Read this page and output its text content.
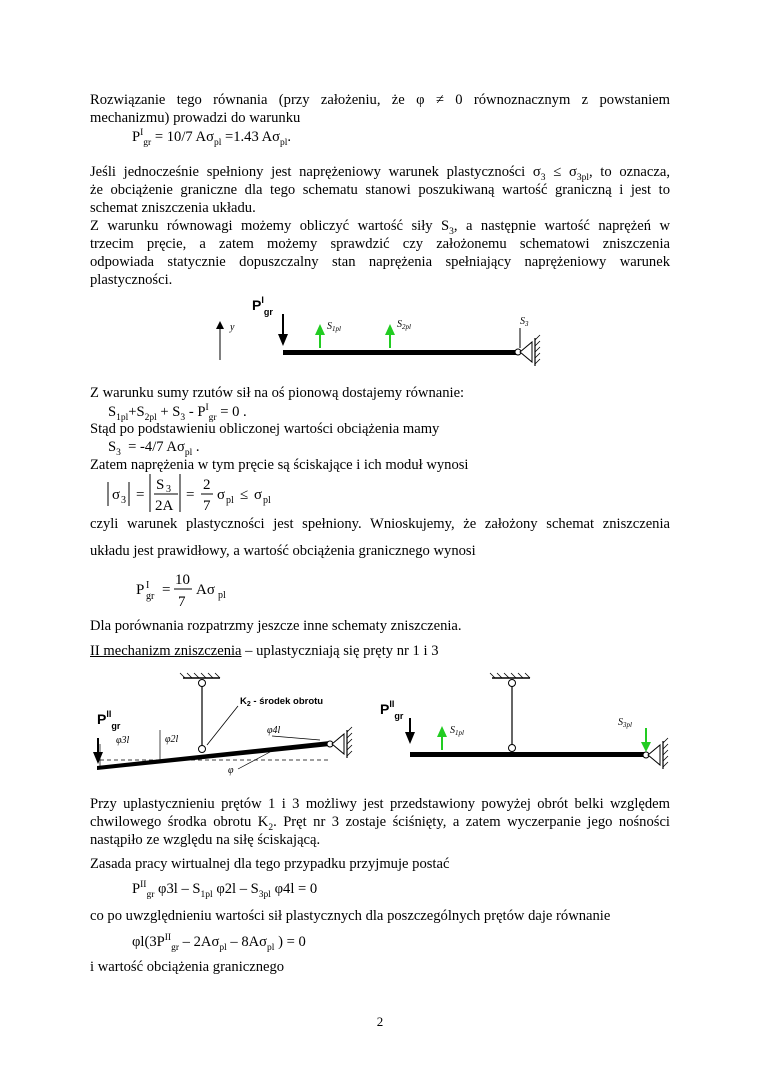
Rozwiązanie tego równania (przy założeniu, że φ ≠ 0 równoznacznym z powstaniem
mechanizmu) prowadzi do warunku
$P^I_{gr} = 10/7$ $A\sigma_{pl} =1.43$ $A\sigma_{pl}$.
Jeśli jednocześnie spełniony jest naprężeniowy warunek plastyczności $\sigma_3 \le \sigma_{3pl}$, to oznacza,
że obciążenie graniczne dla tego schematu stanowi poszukiwaną wartość graniczną i jest to
schemat zniszczenia układu.
Z warunku równowagi możemy obliczyć wartość siły $S_3$, a następnie wartość naprężeń w
trzecim pręcie, a zatem możemy sprawdzić czy założonemu schematowi zniszczenia
odpowiada statycznie dopuszczalny stan naprężenia spełniający naprężeniowy warunek
plastyczności.
y
$P^I_{gr}$
$S_{1pl}$	$S_{2pl}$	$S_3$
Z warunku sumy rzutów sił na oś pionową dostajemy równanie:
$S_{1pl}+S_{2pl} + S_3 - P^I_{gr} = 0$ .
Stąd po podstawieniu obliczonej wartości obciążenia mamy
$S_3 = -4/7$ $A\sigma_{pl}$ .
Zatem naprężenia w tym pręcie są ściskające i ich moduł wynosi
σ 3 =
S 3
2A
=
2
7
σ pl ≤ σ pl
czyli warunek plastyczności jest spełniony. Wnioskujemy, że założony schemat zniszczenia
układu jest prawidłowy, a wartość obciążenia granicznego wynosi
P I
gr =
10
7
Aσ pl
Dla porównania rozpatrzmy jeszcze inne schematy zniszczenia.
II mechanizm zniszczenia – uplastyczniają się pręty nr 1 i 3
$K_2$ - środek obrotu
$P^{II}_{gr}$
φ3l	φ2l
φ4l
φ
$P^{II}_{gr}$
$S_{1pl}$
$S_{3pl}$
Przy uplastycznieniu prętów 1 i 3 możliwy jest przedstawiony powyżej obrót belki względem
chwilowego środka obrotu $K_2$. Pręt nr 3 zostaje ściśnięty, a zatem wyczerpanie jego nośności
nastąpiło ze względu na siłę ściskającą.
Zasada pracy wirtualnej dla tego przypadku przyjmuje postać
$P^{II}_{gr}$ $\varphi 3l - S_{1pl}$ $\varphi 2l - S_{3pl}$ φ4l = 0
co po uwzględnieniu wartości sił plastycznych dla poszczególnych prętów daje równanie
$\varphi l(3P^{II}_{gr} - 2A\sigma_{pl} - 8A\sigma_{pl}$ ) = 0
i wartość obciążenia granicznego
2
